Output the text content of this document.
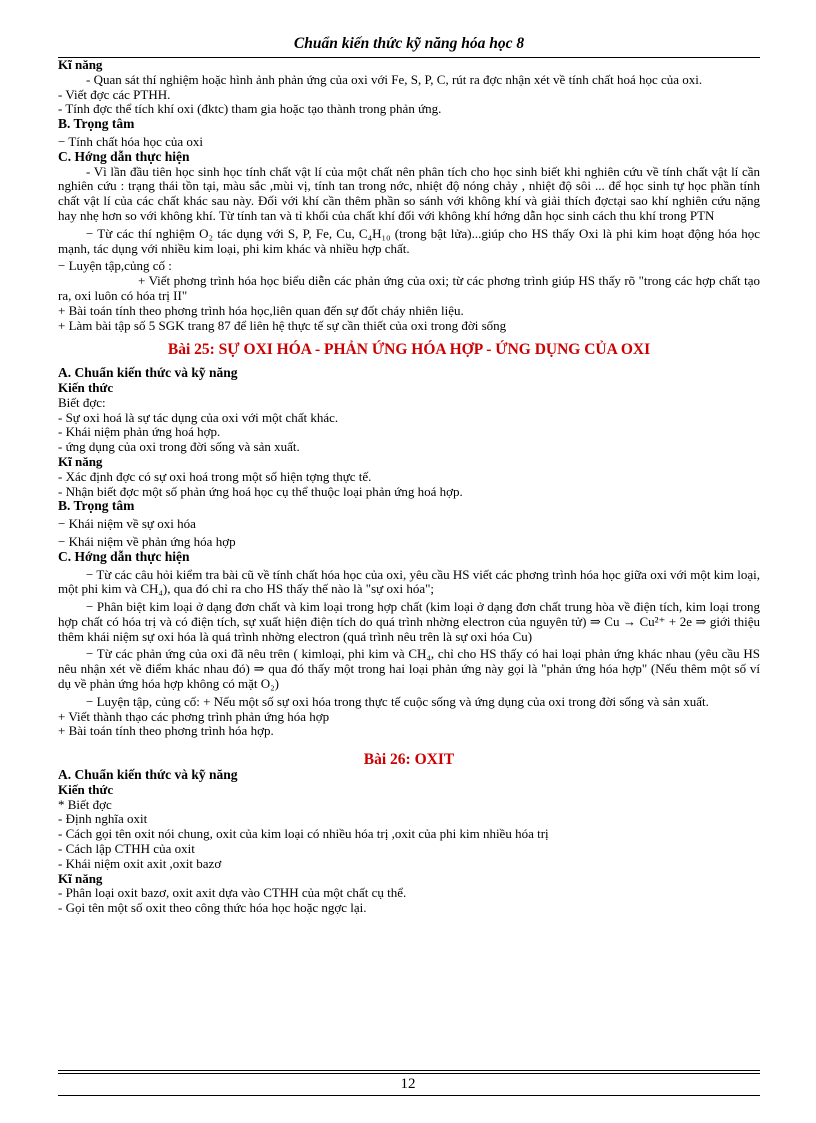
Chuẩn kiến thức kỹ năng hóa học 8
Kĩ năng
- Quan sát thí nghiệm hoặc hình ảnh phản ứng của oxi với Fe, S, P, C, rút ra đợc nhận xét về tính chất hoá học của oxi.
- Viết đợc các PTHH.
- Tính đợc thể tích khí oxi (đktc) tham gia hoặc tạo thành trong phản ứng.
B. Trọng tâm
− Tính chất hóa học của oxi
C. Hớng dẫn thực hiện
- Vì lần đầu tiên học sinh học tính chất vật lí của một chất nên phân tích cho học sinh biết khi nghiên cứu về tính chất vật lí cần nghiên cứu : trạng thái tồn tại, màu sắc ,mùi vị, tính tan trong nớc, nhiệt độ nóng chảy , nhiệt độ sôi ... để học sinh tự học phần tính chất vật lí của các chất khác sau này. Đối với khí cần thêm phần so sánh với không khí và giải thích đợctại sao khí nghiên cứu nặng hay nhẹ hơn so với không khí. Từ tính tan và tỉ khối của chất khí đối với không khí hớng dẫn học sinh cách thu khí trong PTN
− Từ các thí nghiệm O₂ tác dụng với S, P, Fe, Cu, C₄H₁₀ (trong bật lửa)...giúp cho HS thấy Oxi là phi kim hoạt động hóa học mạnh, tác dụng với nhiều kim loại, phi kim khác và nhiều hợp chất.
− Luyện tập,củng cố :
+ Viết phơng trình hóa học biểu diễn các phản ứng của oxi; từ các phơng trình giúp HS thấy rõ "trong các hợp chất tạo ra, oxi luôn có hóa trị II"
+ Bài toán tính theo phơng trình hóa học,liên quan đến sự đốt cháy nhiên liệu.
+ Làm bài tập số 5 SGK trang 87 để liên hệ thực tế sự cần thiết của oxi trong đời sống
Bài 25: SỰ OXI HÓA - PHẢN ỨNG HÓA HỢP - ỨNG DỤNG CỦA OXI
A. Chuẩn kiến thức và kỹ năng
Kiến thức
Biết đợc:
- Sự oxi hoá là sự tác dụng của oxi với một chất khác.
- Khái niệm phản ứng hoá hợp.
- ứng dụng của oxi trong đời sống và sản xuất.
Kĩ năng
- Xác định đợc có sự oxi hoá trong một số hiện tợng thực tế.
- Nhận biết đợc một số phản ứng hoá học cụ thể thuộc loại phản ứng hoá hợp.
B. Trọng tâm
− Khái niệm về sự oxi hóa
− Khái niệm về phản ứng hóa hợp
C. Hớng dẫn thực hiện
− Từ các câu hỏi kiểm tra bài cũ về tính chất hóa học của oxi, yêu cầu HS viết các phơng trình hóa học giữa oxi với một kim loại, một phi kim và CH₄), qua đó chỉ ra cho HS thấy thế nào là "sự oxi hóa";
− Phân biệt kim loại ở dạng đơn chất và kim loại trong hợp chất (kim loại ở dạng đơn chất trung hòa về điện tích, kim loại trong hợp chất có hóa trị và có điện tích, sự xuất hiện điện tích do quá trình nhờng electron của nguyên tử) ⇒ Cu → Cu²⁺ + 2e ⇒ giới thiệu thêm khái niệm sự oxi hóa là quá trình nhờng electron (quá trình nêu trên là sự oxi hóa Cu)
− Từ các phản ứng của oxi đã nêu trên ( kimloại, phi kim và CH₄, chỉ cho HS thấy có hai loại phản ứng khác nhau (yêu cầu HS nêu nhận xét về điểm khác nhau đó) ⇒ qua đó thấy một trong hai loại phản ứng này gọi là "phản ứng hóa hợp" (Nếu thêm một số ví dụ về phản ứng hóa hợp không có mặt O₂)
− Luyện tập, củng cố: + Nếu một số sự oxi hóa trong thực tế cuộc sống và ứng dụng của oxi trong đời sống và sản xuất.
+ Viết thành thạo các phơng trình phản ứng hóa hợp
+ Bài toán tính theo phơng trình hóa hợp.
Bài 26: OXIT
A. Chuẩn kiến thức và kỹ năng
Kiến thức
* Biết đợc
- Định nghĩa oxit
- Cách gọi tên oxit nói chung, oxit của kim loại có nhiều hóa trị ,oxit của phi kim nhiều hóa trị
- Cách lập CTHH của oxit
- Khái niệm oxit axit ,oxit bazơ
Kĩ năng
- Phân loại oxit bazơ, oxit axit dựa vào CTHH của một chất cụ thể.
- Gọi tên một số oxit theo công thức hóa học hoặc ngợc lại.
12
